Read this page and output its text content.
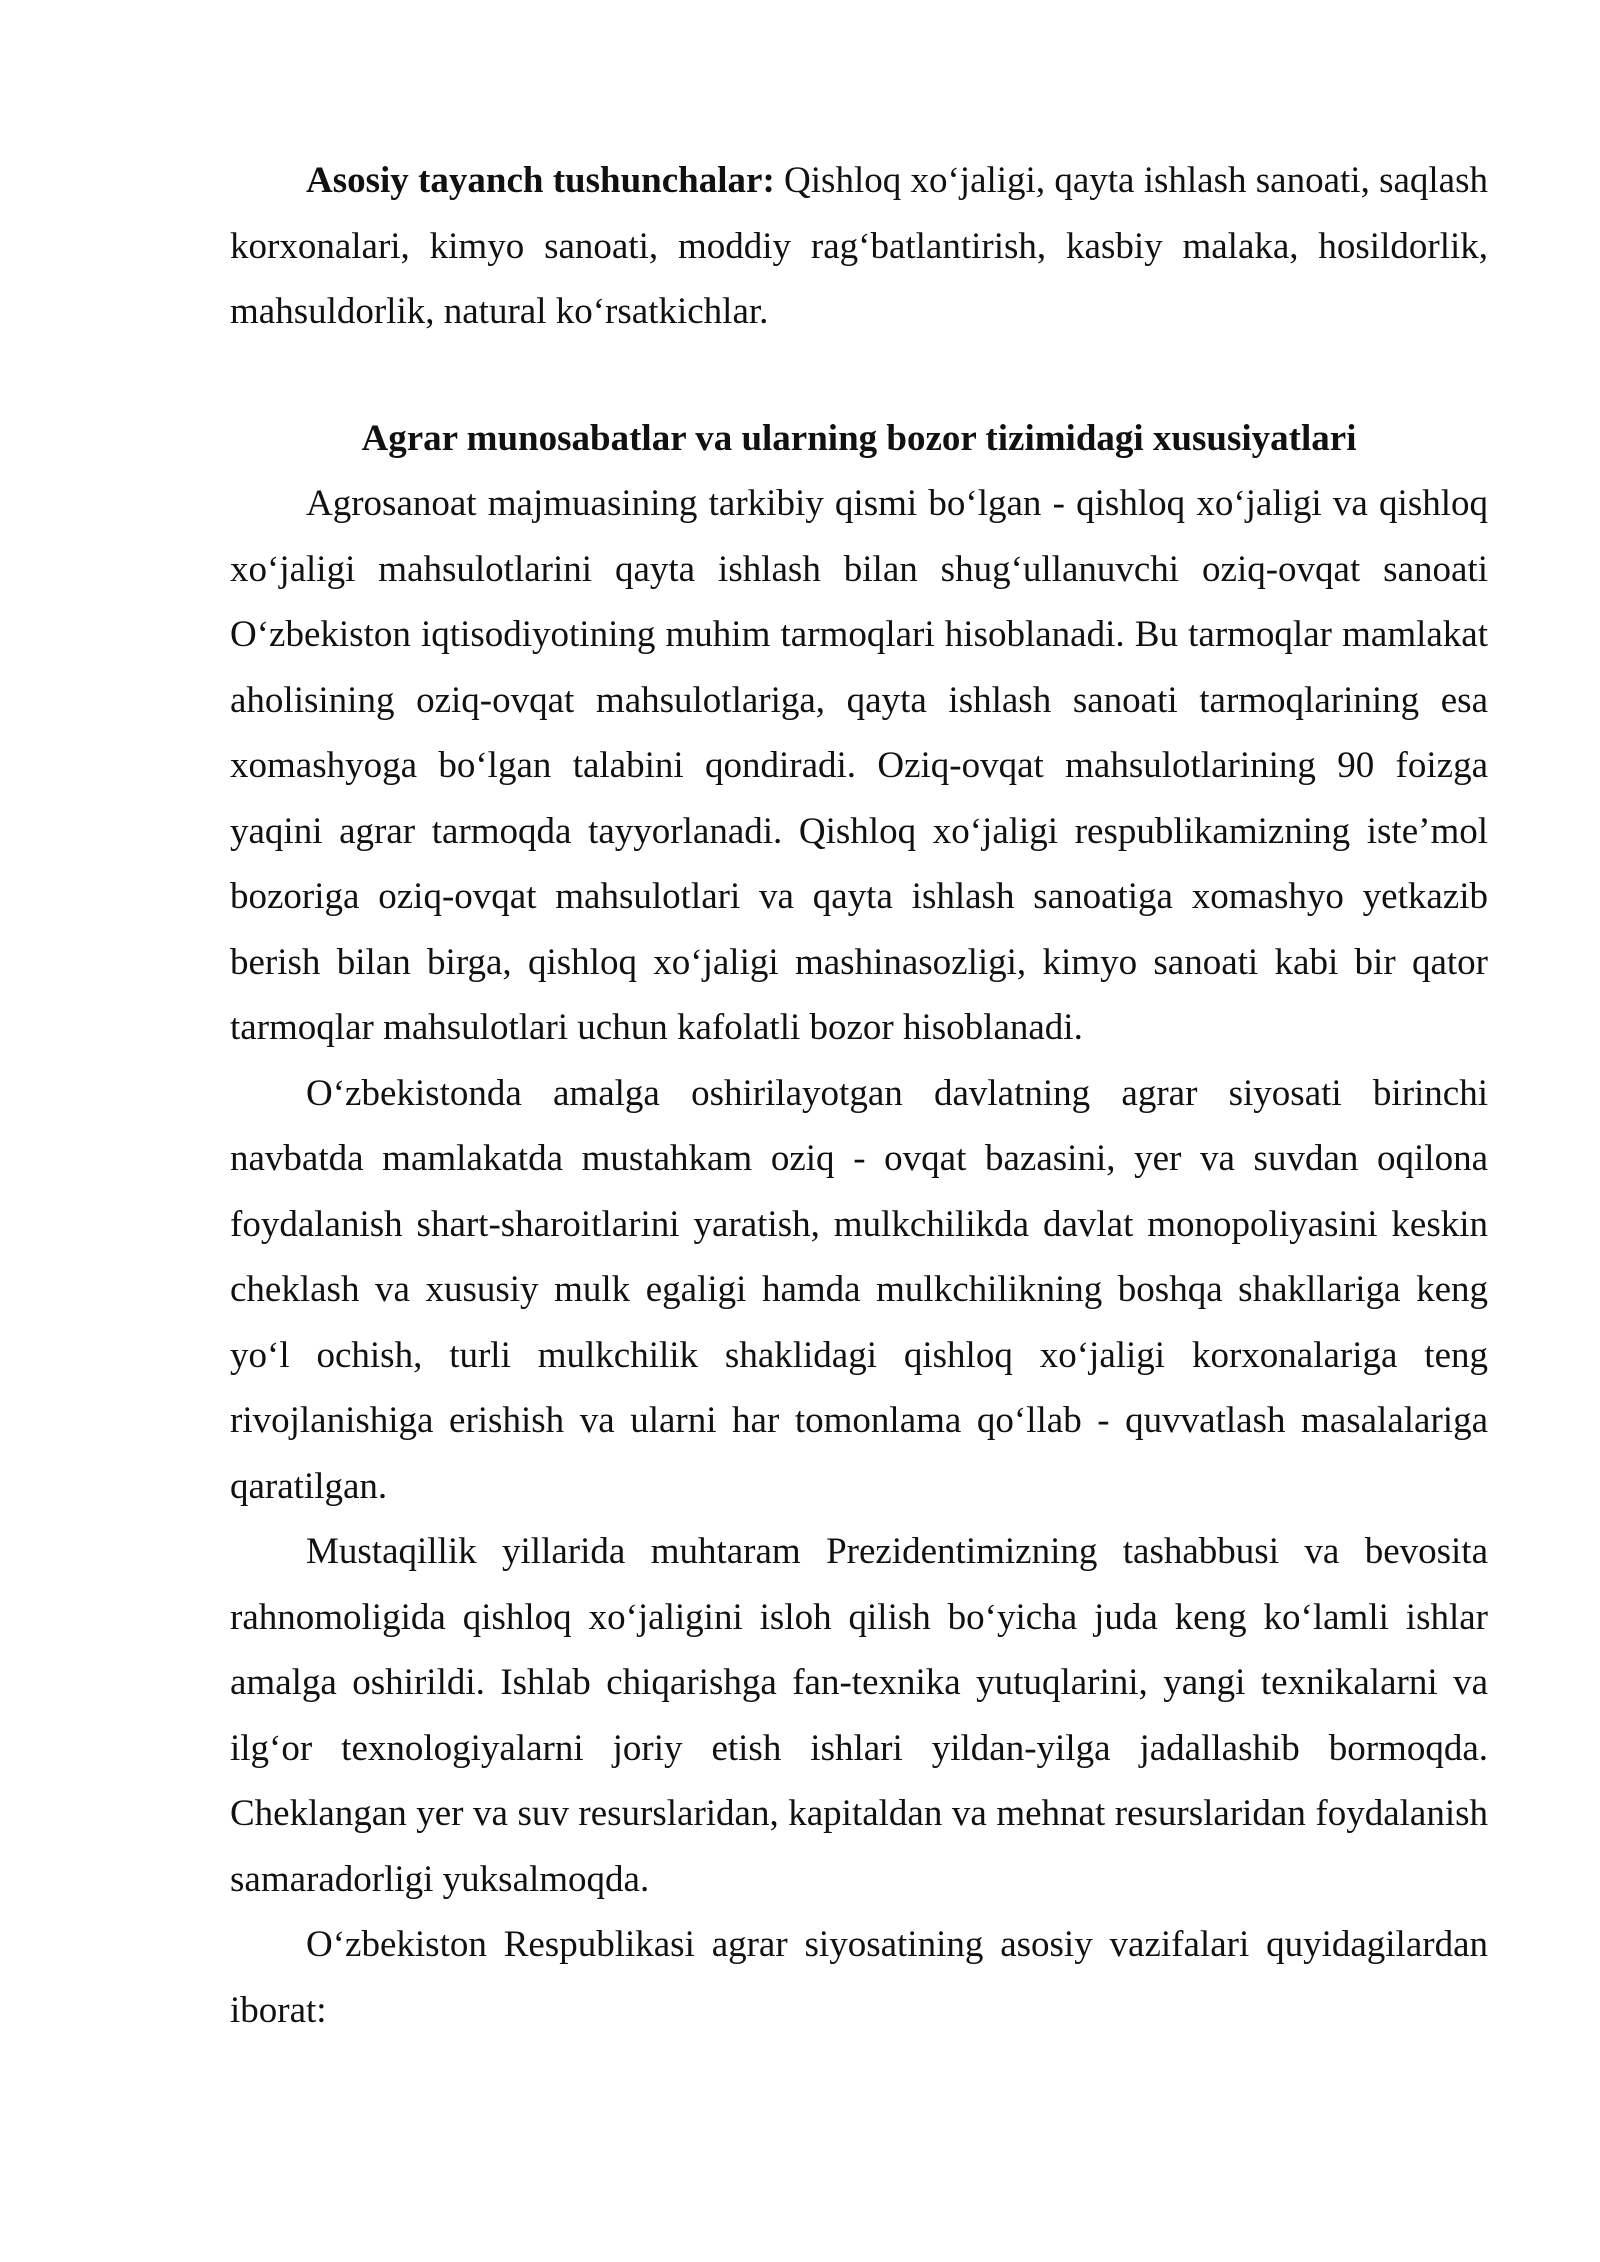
Asosiy tayanch tushunchalar: Qishloq xo‘jaligi, qayta ishlash sanoati, saqlash korxonalari, kimyo sanoati, moddiy rag‘batlantirish, kasbiy malaka, hosildorlik, mahsuldorlik, natural ko‘rsatkichlar.

Agrar munosabatlar va ularning bozor tizimidagi xususiyatlari

Agrosanoat majmuasining tarkibiy qismi bo‘lgan - qishloq xo‘jaligi va qishloq xo‘jaligi mahsulotlarini qayta ishlash bilan shug‘ullanuvchi oziq-ovqat sanoati O‘zbekiston iqtisodiyotining muhim tarmoqlari hisoblanadi. Bu tarmoqlar mamlakat aholisining oziq-ovqat mahsulotlariga, qayta ishlash sanoati tarmoqlarining esa xomashyoga bo‘lgan talabini qondiradi. Oziq-ovqat mahsulotlarining 90 foizga yaqini agrar tarmoqda tayyorlanadi. Qishloq xo‘jaligi respublikamizning iste’mol bozoriga oziq-ovqat mahsulotlari va qayta ishlash sanoatiga xomashyo yetkazib berish bilan birga, qishloq xo‘jaligi mashinasozligi, kimyo sanoati kabi bir qator tarmoqlar mahsulotlari uchun kafolatli bozor hisoblanadi.

O‘zbekistonda amalga oshirilayotgan davlatning agrar siyosati birinchi navbatda mamlakatda mustahkam oziq - ovqat bazasini, yer va suvdan oqilona foydalanish shart-sharoitlarini yaratish, mulkchilikda davlat monopoliyasini keskin cheklash va xususiy mulk egaligi hamda mulkchilikning boshqa shakllariga keng yo‘l ochish, turli mulkchilik shaklidagi qishloq xo‘jaligi korxonalariga teng rivojlanishiga erishish va ularni har tomonlama qo‘llab - quvvatlash masalalariga qaratilgan.

Mustaqillik yillarida muhtaram Prezidentimizning tashabbusi va bevosita rahnomoligida qishloq xo‘jaligini isloh qilish bo‘yicha juda keng ko‘lamli ishlar amalga oshirildi. Ishlab chiqarishga fan-texnika yutuqlarini, yangi texnikalarni va ilg‘or texnologiyalarni joriy etish ishlari yildan-yilga jadallashib bormoqda. Cheklangan yer va suv resurslaridan, kapitaldan va mehnat resurslaridan foydalanish samaradorligi yuksalmoqda.

O‘zbekiston Respublikasi agrar siyosatining asosiy vazifalari quyidagilardan iborat:
